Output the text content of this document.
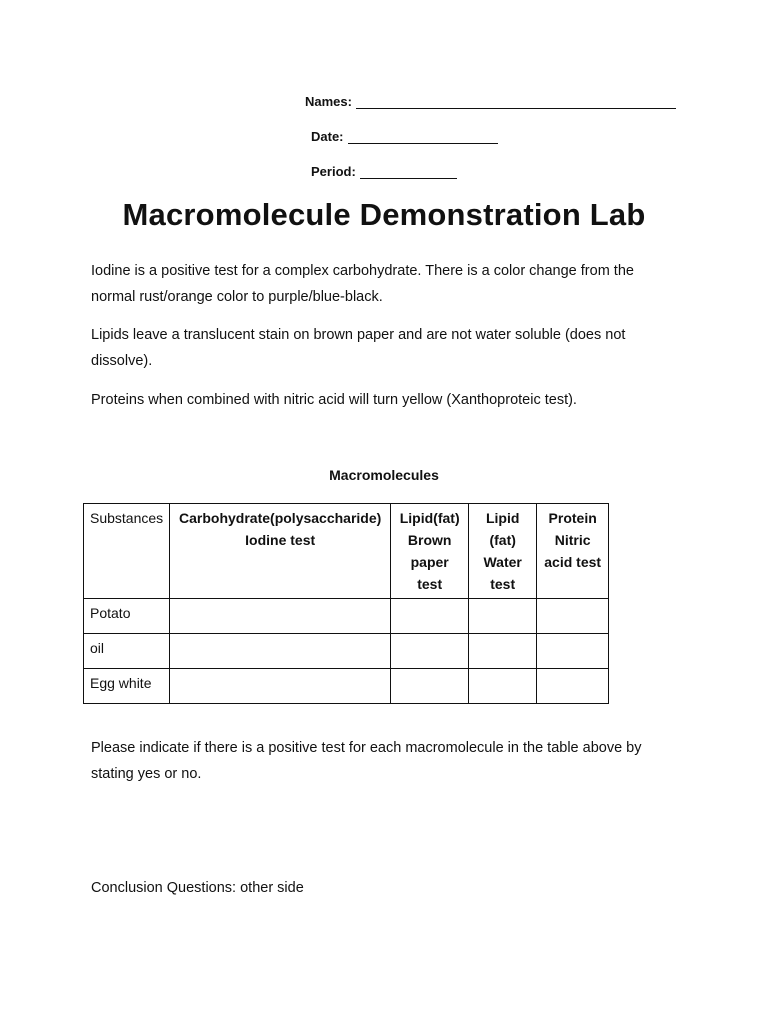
Names:
Date:
Period:
Macromolecule Demonstration Lab
Iodine is a positive test for a complex carbohydrate. There is a color change from the normal rust/orange color to purple/blue-black.
Lipids leave a translucent stain on brown paper and are not water soluble (does not dissolve).
Proteins when combined with nitric acid will turn yellow (Xanthoproteic test).
Macromolecules
Substances	Carbohydrate(polysaccharide) Iodine test	Lipid(fat) Brown paper test	Lipid (fat) Water test	Protein Nitric acid test
Potato				
oil				
Egg white				
Please indicate if there is a positive test for each macromolecule in the table above by stating yes or no.
Conclusion Questions: other side
